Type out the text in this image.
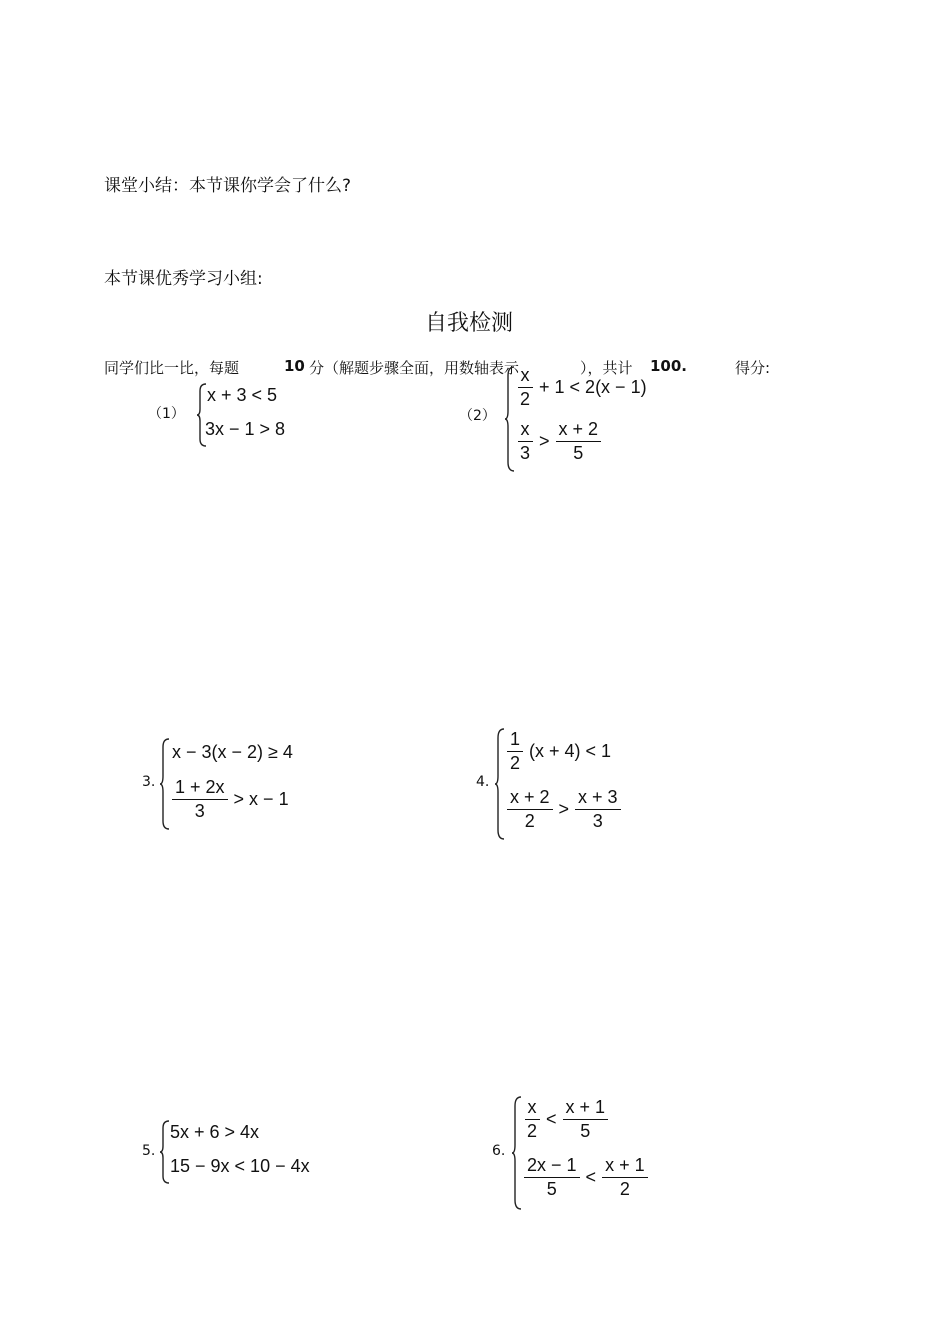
课堂小结：本节课你学会了什么?
本节课优秀学习小组:
自我检测
同学们比一比，每题	10 分（解题步骤全面，用数轴表示	），共计 100.	得分:
（1）
x + 3 < 5
3x − 1 > 8
（2）
$\frac{x}{2} + 1 < 2(x - 1)$
$\frac{x}{3} > \frac{x + 2}{5}$
3.
x − 3(x − 2) ≥ 4
$\frac{1 + 2x}{3} > x - 1$
4.
$\frac{1}{2} (x + 4) < 1$
$\frac{x + 2}{2} > \frac{x + 3}{3}$
5.
5x + 6 > 4x
15 − 9x < 10 − 4x
6.
$\frac{x}{2} < \frac{x + 1}{5}$
$\frac{2x - 1}{5} < \frac{x + 1}{2}$
